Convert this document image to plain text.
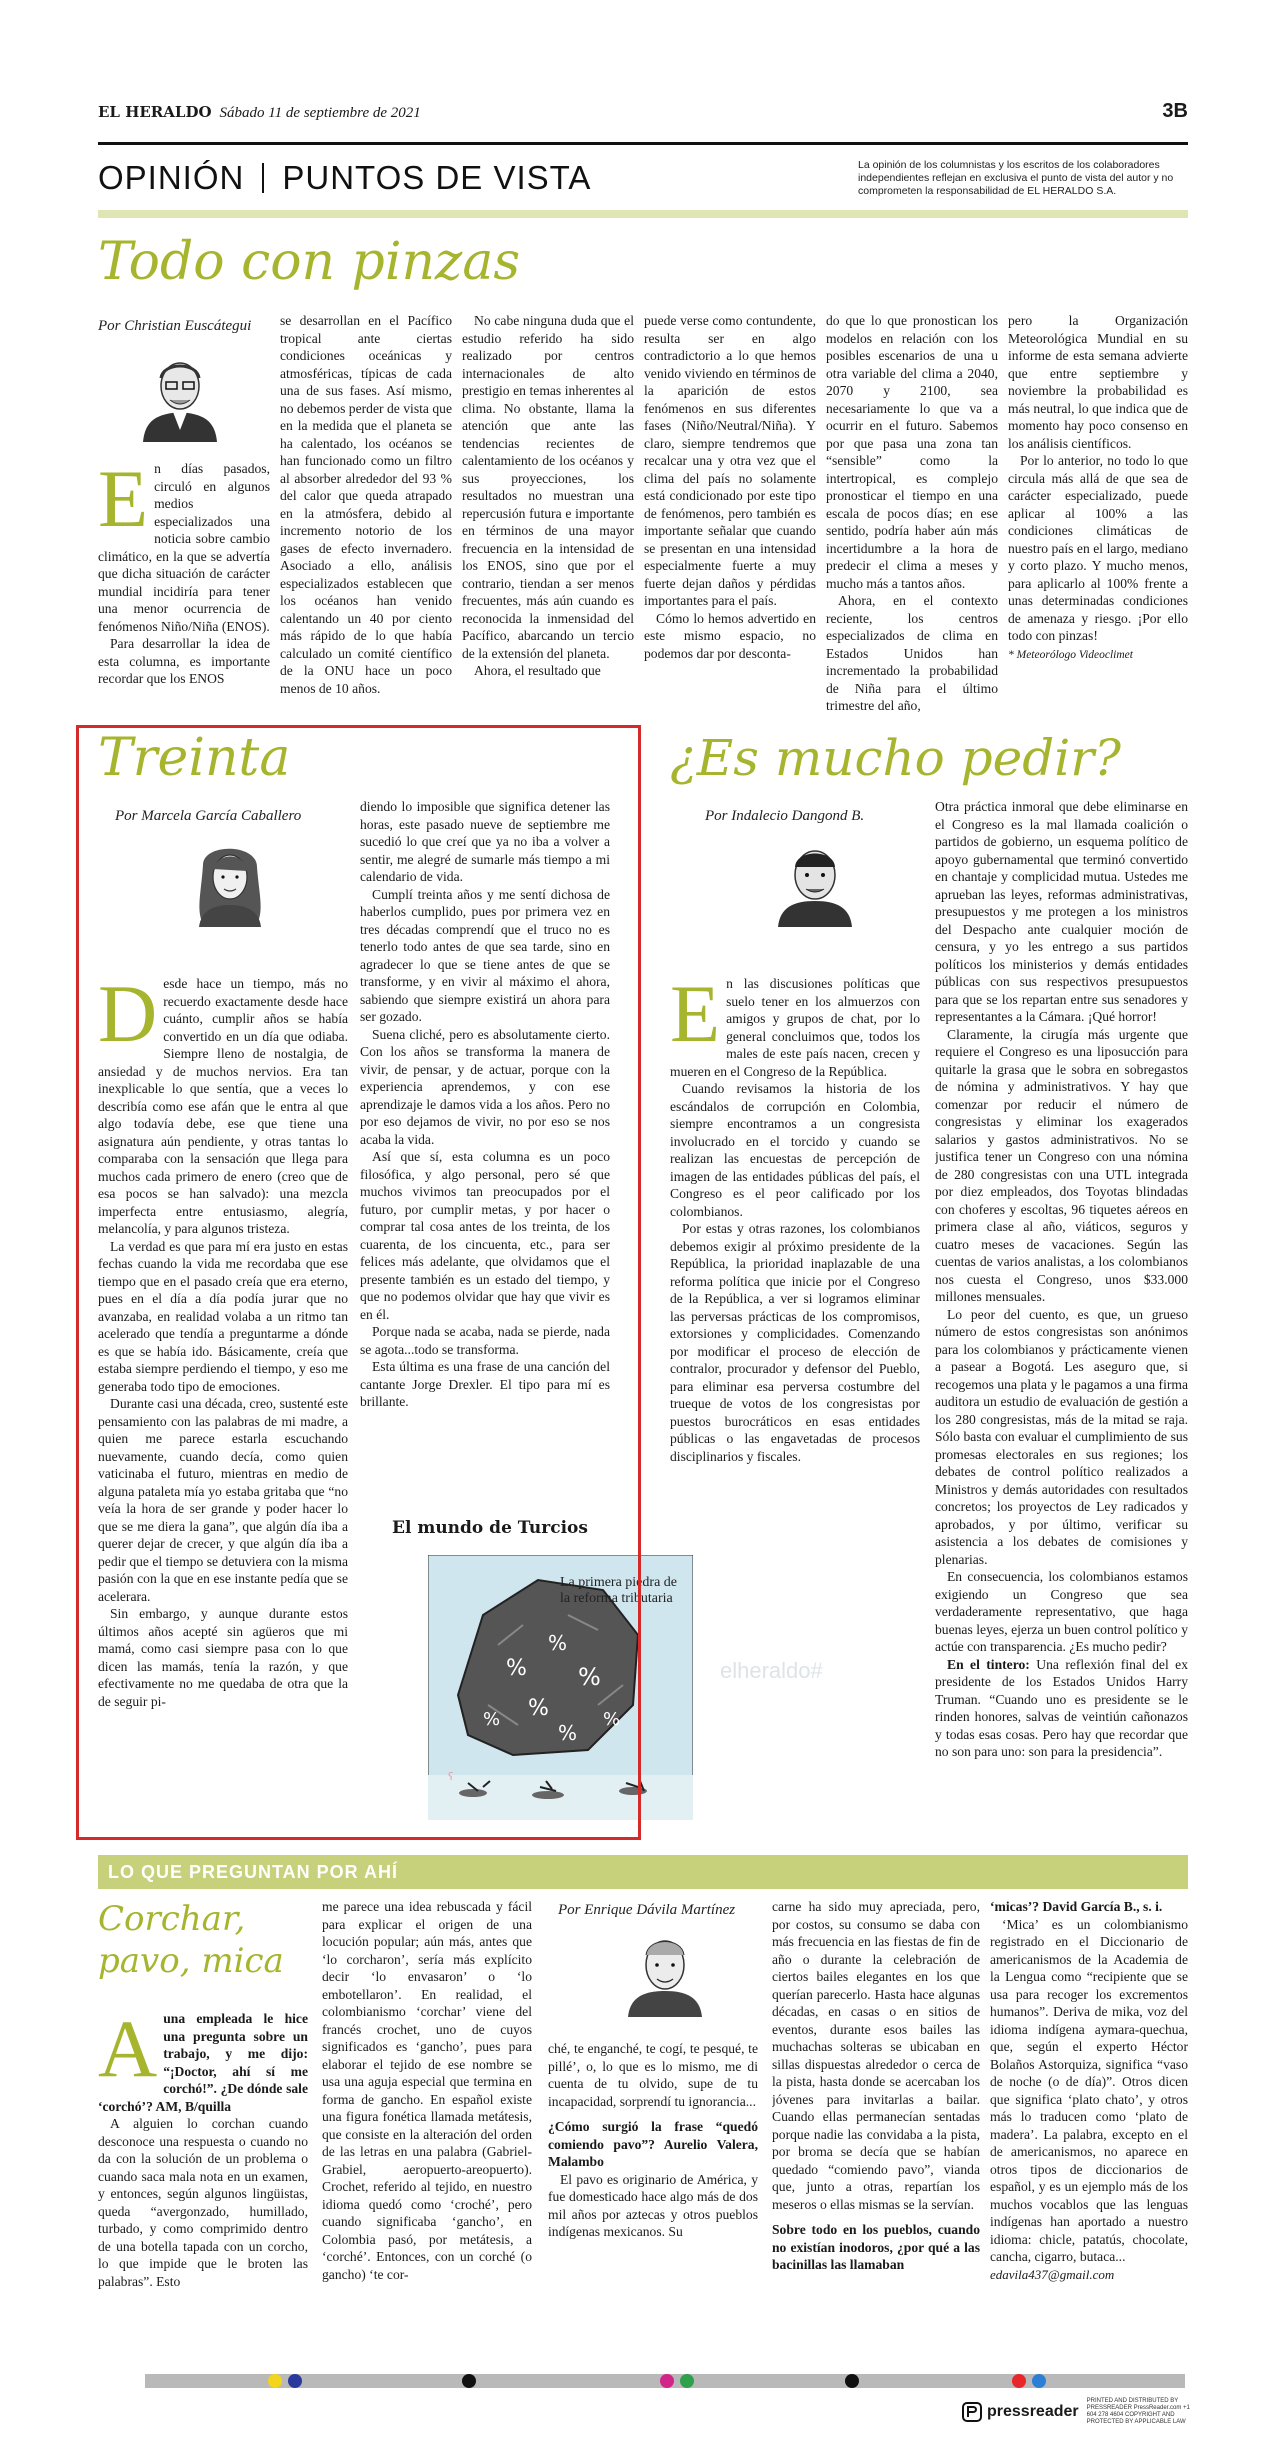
EL HERALDO Sábado 11 de septiembre de 2021	3B
OPINIÓN PUNTOS DE VISTA	La opinión de los columnistas y los escritos de los colaboradores independientes reflejan en exclusiva el punto de vista del autor y no comprometen la responsabilidad de EL HERALDO S.A.
Todo con pinzas
Por Christian Euscátegui
En días pasados, circuló en algunos medios especializados una noticia sobre cambio climático, en la que se advertía que dicha situación de carácter mundial incidiría para tener una menor ocurrencia de fenómenos Niño/Niña (ENOS).

Para desarrollar la idea de esta columna, es importante recordar que los ENOS

se desarrollan en el Pacífico tropical ante ciertas condiciones oceánicas y atmosféricas, típicas de cada una de sus fases. Así mismo, no debemos perder de vista que en la medida que el planeta se ha calentado, los océanos se han funcionado como un filtro al absorber alrededor del 93 % del calor que queda atrapado en la atmósfera, debido al incremento notorio de los gases de efecto invernadero. Asociado a ello, análisis especializados establecen que los océanos han venido calentando un 40 por ciento más rápido de lo que había calculado un comité científico de la ONU hace un poco menos de 10 años.

No cabe ninguna duda que el estudio referido ha sido realizado por centros internacionales de alto prestigio en temas inherentes al clima. No obstante, llama la atención que ante las tendencias recientes de calentamiento de los océanos y sus proyecciones, los resultados no muestran una repercusión futura e importante en términos de una mayor frecuencia en la intensidad de los ENOS, sino que por el contrario, tiendan a ser menos frecuentes, más aún cuando es reconocida la inmensidad del Pacífico, abarcando un tercio de la extensión del planeta.

Ahora, el resultado que

puede verse como contundente, resulta ser en algo contradictorio a lo que hemos venido viviendo en términos de la aparición de estos fenómenos en sus diferentes fases (Niño/Neutral/Niña). Y claro, siempre tendremos que recalcar una y otra vez que el clima del país no solamente está condicionado por este tipo de fenómenos, pero también es importante señalar que cuando se presentan en una intensidad especialmente fuerte a muy fuerte dejan daños y pérdidas importantes para el país.

Cómo lo hemos advertido en este mismo espacio, no podemos dar por desconta-

do que lo que pronostican los modelos en relación con los posibles escenarios de una u otra variable del clima a 2040, 2070 y 2100, sea necesariamente lo que va a ocurrir en el futuro. Sabemos por que pasa una zona tan “sensible” como la intertropical, es complejo pronosticar el tiempo en una escala de pocos días; en ese sentido, podría haber aún más incertidumbre a la hora de predecir el clima a meses y mucho más a tantos años.

Ahora, en el contexto reciente, los centros especializados de clima en Estados Unidos han incrementado la probabilidad de Niña para el último trimestre del año,

pero la Organización Meteorológica Mundial en su informe de esta semana advierte que entre septiembre y noviembre la probabilidad es más neutral, lo que indica que de momento hay poco consenso en los análisis científicos.

Por lo anterior, no todo lo que circula más allá de que sea de carácter especializado, puede aplicar al 100% a las condiciones climáticas de nuestro país en el largo, mediano y corto plazo. Y mucho menos, para aplicarlo al 100% frente a unas determinadas condiciones de amenaza y riesgo. ¡Por ello todo con pinzas!

* Meteorólogo Videoclimet
Treinta
Por Marcela García Caballero
Desde hace un tiempo, más no recuerdo exactamente desde hace cuánto, cumplir años se había convertido en un día que odiaba. Siempre lleno de nostalgia, de ansiedad y de muchos nervios. Era tan inexplicable lo que sentía, que a veces lo describía como ese afán que le entra al que algo todavía debe, ese que tiene una asignatura aún pendiente, y otras tantas lo comparaba con la sensación que llega para muchos cada primero de enero (creo que de esa pocos se han salvado): una mezcla imperfecta entre entusiasmo, alegría, melancolía, y para algunos tristeza.

La verdad es que para mí era justo en estas fechas cuando la vida me recordaba que ese tiempo que en el pasado creía que era eterno, pues en el día a día podía jurar que no avanzaba, en realidad volaba a un ritmo tan acelerado que tendía a preguntarme a dónde es que se había ido. Básicamente, creía que estaba siempre perdiendo el tiempo, y eso me generaba todo tipo de emociones.

Durante casi una década, creo, sustenté este pensamiento con las palabras de mi madre, a quien me parece estarla escuchando nuevamente, cuando decía, como quien vaticinaba el futuro, mientras en medio de alguna pataleta mía yo estaba gritaba que “no veía la hora de ser grande y poder hacer lo que se me diera la gana”, que algún día iba a querer dejar de crecer, y que algún día iba a pedir que el tiempo se detuviera con la misma pasión con la que en ese instante pedía que se acelerara.

Sin embargo, y aunque durante estos últimos años acepté sin agüeros que mi mamá, como casi siempre pasa con lo que dicen las mamás, tenía la razón, y que efectivamente no me quedaba de otra que la de seguir pi-

diendo lo imposible que significa detener las horas, este pasado nueve de septiembre me sucedió lo que creí que ya no iba a volver a sentir, me alegré de sumarle más tiempo a mi calendario de vida.

Cumplí treinta años y me sentí dichosa de haberlos cumplido, pues por primera vez en tres décadas comprendí que el truco no es tenerlo todo antes de que sea tarde, sino en agradecer lo que se tiene antes de que se transforme, y en vivir al máximo el ahora, sabiendo que siempre existirá un ahora para ser gozado.

Suena cliché, pero es absolutamente cierto. Con los años se transforma la manera de vivir, de pensar, y de actuar, porque con la experiencia aprendemos, y con ese aprendizaje le damos vida a los años. Pero no por eso dejamos de vivir, no por eso se nos acaba la vida.

Así que sí, esta columna es un poco filosófica, y algo personal, pero sé que muchos vivimos tan preocupados por el futuro, por cumplir metas, y por hacer o comprar tal cosa antes de los treinta, de los cuarenta, de los cincuenta, etc., para ser felices más adelante, que olvidamos que el presente también es un estado del tiempo, y que no podemos olvidar que hay que vivir es en él.

Porque nada se acaba, nada se pierde, nada se agota...todo se transforma.

Esta última es una frase de una canción del cantante Jorge Drexler. El tipo para mí es brillante.

El mundo de Turcios
%
%
%
%
%
%
%
ʕ
La primera piedra de la reforma tributaria
elheraldo#
¿Es mucho pedir?
Por Indalecio Dangond B.
En las discusiones políticas que suelo tener en los almuerzos con amigos y grupos de chat, por lo general concluimos que, todos los males de este país nacen, crecen y mueren en el Congreso de la República.

Cuando revisamos la historia de los escándalos de corrupción en Colombia, siempre encontramos a un congresista involucrado en el torcido y cuando se realizan las encuestas de percepción de imagen de las entidades públicas del país, el Congreso es el peor calificado por los colombianos.

Por estas y otras razones, los colombianos debemos exigir al próximo presidente de la República, la prioridad inaplazable de una reforma política que inicie por el Congreso de la República, a ver si logramos eliminar las perversas prácticas de los compromisos, extorsiones y complicidades. Comenzando por modificar el proceso de elección de contralor, procurador y defensor del Pueblo, para eliminar esa perversa costumbre del trueque de votos de los congresistas por puestos burocráticos en esas entidades públicas o las engavetadas de procesos disciplinarios y fiscales.

Otra práctica inmoral que debe eliminarse en el Congreso es la mal llamada coalición o partidos de gobierno, un esquema político de apoyo gubernamental que terminó convertido en chantaje y complicidad mutua. Ustedes me aprueban las leyes, reformas administrativas, presupuestos y me protegen a los ministros del Despacho ante cualquier moción de censura, y yo les entrego a sus partidos políticos los ministerios y demás entidades públicas con sus respectivos presupuestos para que se los repartan entre sus senadores y representantes a la Cámara. ¡Qué horror!

Claramente, la cirugía más urgente que requiere el Congreso es una liposucción para quitarle la grasa que le sobra en sobregastos de nómina y administrativos. Y hay que comenzar por reducir el número de congresistas y eliminar los exagerados salarios y gastos administrativos. No se justifica tener un Congreso con una nómina de 280 congresistas con una UTL integrada por diez empleados, dos Toyotas blindadas con choferes y escoltas, 96 tiquetes aéreos en primera clase al año, viáticos, seguros y cuatro meses de vacaciones. Según las cuentas de varios analistas, a los colombianos nos cuesta el Congreso, unos $33.000 millones mensuales.

Lo peor del cuento, es que, un grueso número de estos congresistas son anónimos para los colombianos y prácticamente vienen a pasear a Bogotá. Les aseguro que, si recogemos una plata y le pagamos a una firma auditora un estudio de evaluación de gestión a los 280 congresistas, más de la mitad se raja. Sólo basta con evaluar el cumplimiento de sus promesas electorales en sus regiones; los debates de control político realizados a Ministros y demás autoridades con resultados concretos; los proyectos de Ley radicados y aprobados, y por último, verificar su asistencia a los debates de comisiones y plenarias.

En consecuencia, los colombianos estamos exigiendo un Congreso que sea verdaderamente representativo, que haga buenas leyes, ejerza un buen control político y actúe con transparencia. ¿Es mucho pedir?

En el tintero: Una reflexión final del ex presidente de los Estados Unidos Harry Truman. “Cuando uno es presidente se le rinden honores, salvas de veintiún cañonazos y todas esas cosas. Pero hay que recordar que no son para uno: son para la presidencia”.

LO QUE PREGUNTAN POR AHÍ
Corchar,
pavo, mica
Auna empleada le hice una pregunta sobre un trabajo, y me dijo: “¡Doctor, ahí sí me corchó!”. ¿De dónde sale ‘corchó’? AM, B/quilla

A alguien lo corchan cuando desconoce una respuesta o cuando no da con la solución de un problema o cuando saca mala nota en un examen, y entonces, según algunos lingüistas, queda “avergonzado, humillado, turbado, y como comprimido dentro de una botella tapada con un corcho, lo que impide que le broten las palabras”. Esto

me parece una idea rebuscada y fácil para explicar el origen de una locución popular; aún más, antes que ‘lo corcharon’, sería más explícito decir ‘lo envasaron’ o ‘lo embotellaron’. En realidad, el colombianismo ‘corchar’ viene del francés crochet, uno de cuyos significados es ‘gancho’, pues para elaborar el tejido de ese nombre se usa una aguja especial que termina en forma de gancho. En español existe una figura fonética llamada metátesis, que consiste en la alteración del orden de las letras en una palabra (Gabriel-Grabiel, aeropuerto-areopuerto). Crochet, referido al tejido, en nuestro idioma quedó como ‘croché’, pero cuando significaba ‘gancho’, en Colombia pasó, por metátesis, a ‘corché’. Entonces, con un corché (o gancho) ‘te cor-
Por Enrique Dávila Martínez
ché, te enganché, te cogí, te pesqué, te pillé’, o, lo que es lo mismo, me di cuenta de tu olvido, supe de tu incapacidad, sorprendí tu ignorancia...

¿Cómo surgió la frase “quedó comiendo pavo”? Aurelio Valera, Malambo

El pavo es originario de América, y fue domesticado hace algo más de dos mil años por aztecas y otros pueblos indígenas mexicanos. Su

carne ha sido muy apreciada, pero, por costos, su consumo se daba con más frecuencia en las fiestas de fin de año o durante la celebración de ciertos bailes elegantes en los que querían parecerlo. Hasta hace algunas décadas, en casas o en sitios de eventos, durante esos bailes las muchachas solteras se ubicaban en sillas dispuestas alrededor o cerca de la pista, hasta donde se acercaban los jóvenes para invitarlas a bailar. Cuando ellas permanecían sentadas porque nadie las convidaba a la pista, por broma se decía que se habían quedado “comiendo pavo”, vianda que, junto a otras, repartían los meseros o ellas mismas se la servían.

Sobre todo en los pueblos, cuando no existían inodoros, ¿por qué a las bacinillas las llamaban

‘micas’? David García B., s. i.

‘Mica’ es un colombianismo registrado en el Diccionario de americanismos de la Academia de la Lengua como “recipiente que se usa para recoger los excrementos humanos”. Deriva de mika, voz del idioma indígena aymara-quechua, que, según el experto Héctor Bolaños Astorquiza, significa “vaso de noche (o de día)”. Otros dicen que significa ‘plato chato’, y otros más lo traducen como ‘plato de madera’. La palabra, excepto en el de americanismos, no aparece en otros tipos de diccionarios de español, y es un ejemplo más de los muchos vocablos que las lenguas indígenas han aportado a nuestro idioma: chicle, patatús, chocolate, cancha, cigarro, butaca...

edavila437@gmail.com
pressreader
PRINTED AND DISTRIBUTED BY PRESSREADER PressReader.com +1 604 278 4604 COPYRIGHT AND PROTECTED BY APPLICABLE LAW
